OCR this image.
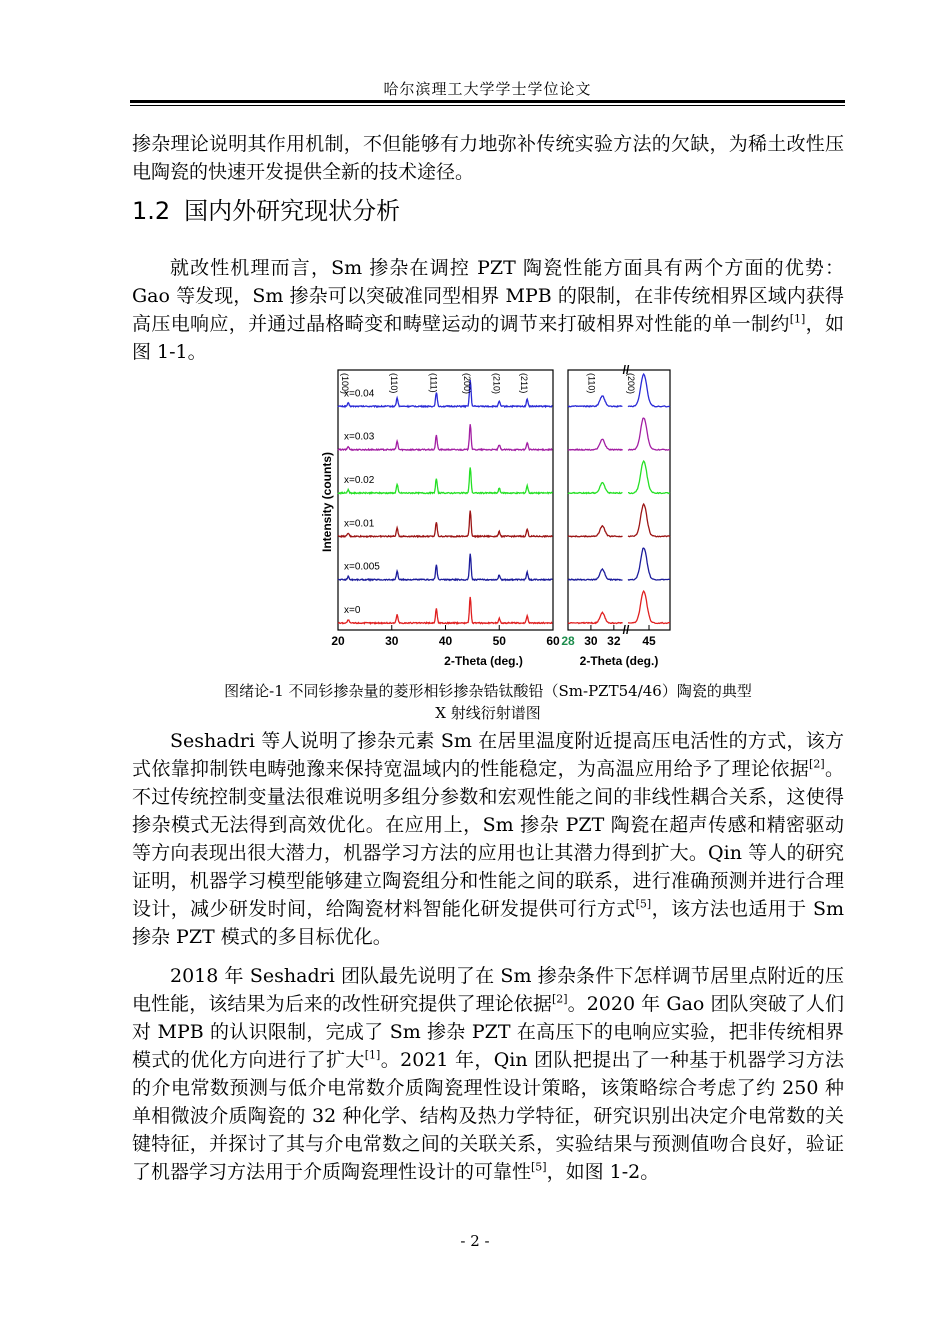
哈尔滨理工大学学士学位论文
掺杂理论说明其作用机制，不但能够有力地弥补传统实验方法的欠缺，为稀土改性压电陶瓷的快速开发提供全新的技术途径。
1.2 国内外研究现状分析
就改性机理而言，Sm 掺杂在调控 PZT 陶瓷性能方面具有两个方面的优势：Gao 等发现，Sm 掺杂可以突破准同型相界 MPB 的限制，在非传统相界区域内获得高压电响应，并通过晶格畸变和畴壁运动的调节来打破相界对性能的单一制约[1]，如图 1-1。
Intensity (counts)
20	30	40	50	60
2-Theta (deg.)
x=0.04
x=0.03
x=0.02
x=0.01
x=0.005
x=0
(100)	(110)	(111)	(200) (210) (211)
28 30 32 45
//
//
2-Theta (deg.)
(110)	(200)
图绪论-1 不同钐掺杂量的菱形相钐掺杂锆钛酸铅（Sm-PZT54/46）陶瓷的典型
X 射线衍射谱图
Seshadri 等人说明了掺杂元素 Sm 在居里温度附近提高压电活性的方式，该方式依靠抑制铁电畴弛豫来保持宽温域内的性能稳定，为高温应用给予了理论依据[2]。不过传统控制变量法很难说明多组分参数和宏观性能之间的非线性耦合关系，这使得掺杂模式无法得到高效优化。在应用上，Sm 掺杂 PZT 陶瓷在超声传感和精密驱动等方向表现出很大潜力，机器学习方法的应用也让其潜力得到扩大。Qin 等人的研究证明，机器学习模型能够建立陶瓷组分和性能之间的联系，进行准确预测并进行合理设计，减少研发时间，给陶瓷材料智能化研发提供可行方式[5]，该方法也适用于 Sm 掺杂 PZT 模式的多目标优化。
2018 年 Seshadri 团队最先说明了在 Sm 掺杂条件下怎样调节居里点附近的压电性能，该结果为后来的改性研究提供了理论依据[2]。2020 年 Gao 团队突破了人们对 MPB 的认识限制，完成了 Sm 掺杂 PZT 在高压下的电响应实验，把非传统相界模式的优化方向进行了扩大[1]。2021 年，Qin 团队把提出了一种基于机器学习方法的介电常数预测与低介电常数介质陶瓷理性设计策略，该策略综合考虑了约 250 种单相微波介质陶瓷的 32 种化学、结构及热力学特征，研究识别出决定介电常数的关键特征，并探讨了其与介电常数之间的关联关系，实验结果与预测值吻合良好，验证了机器学习方法用于介质陶瓷理性设计的可靠性[5]，如图 1-2。
- 2 -
